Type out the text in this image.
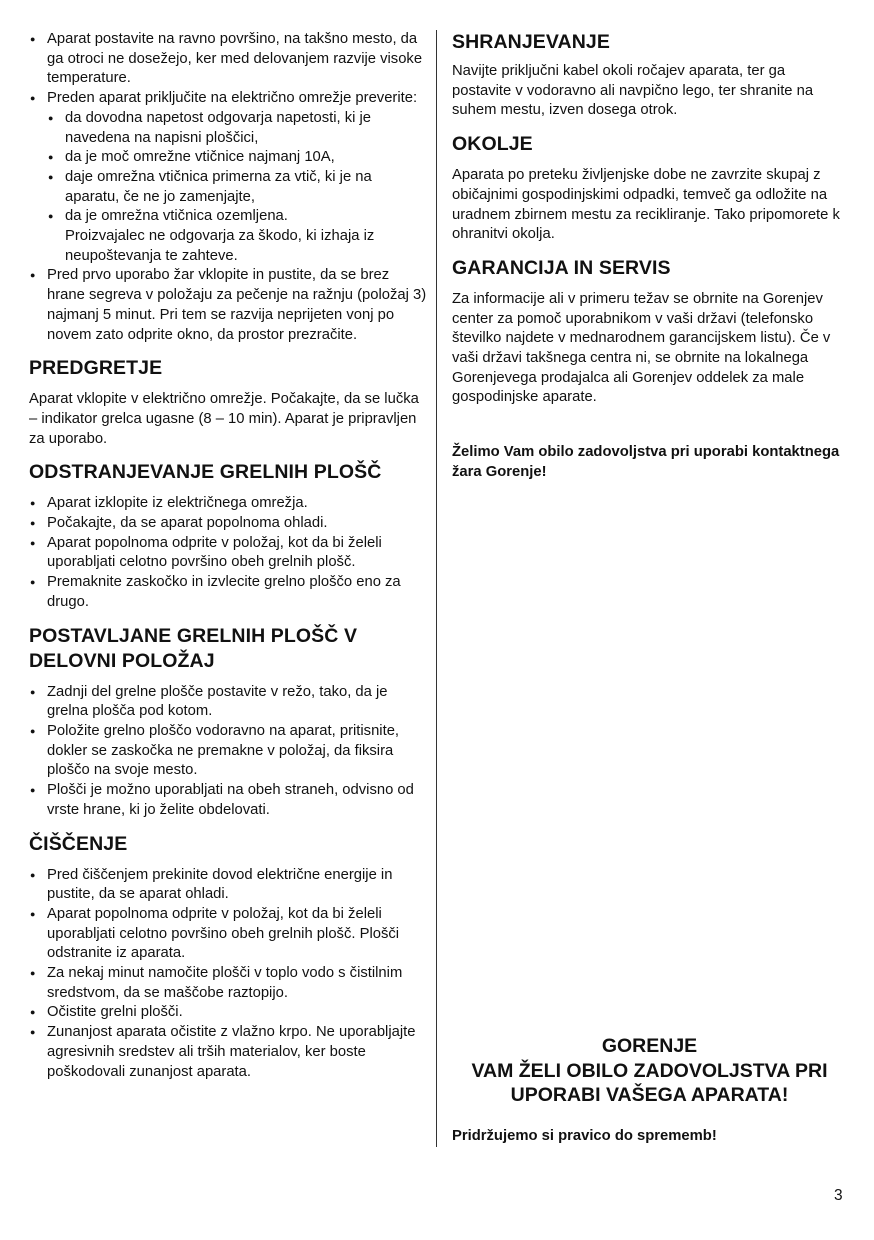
● Aparat postavite na ravno površino, na takšno mesto, da ga otroci ne dosežejo, ker med delovanjem razvije visoke temperature.
● Preden aparat priključite na električno omrežje preverite:
● da dovodna napetost odgovarja napetosti, ki je navedena na napisni ploščici,
● da je moč omrežne vtičnice najmanj 10A,
● daje omrežna vtičnica primerna za vtič, ki je na aparatu, če ne jo zamenjajte,
● da je omrežna vtičnica ozemljena.
Proizvajalec ne odgovarja za škodo, ki izhaja iz neupoštevanja te zahteve.
● Pred prvo uporabo žar vklopite in pustite, da se brez hrane segreva v položaju za pečenje na ražnju (položaj 3) najmanj 5 minut. Pri tem se razvija neprijeten vonj po novem zato odprite okno, da prostor prezračite.
PREDGRETJE

Aparat vklopite v električno omrežje. Počakajte, da se lučka – indikator grelca ugasne (8 – 10 min). Aparat je pripravljen za uporabo.

ODSTRANJEVANJE GRELNIH PLOŠČ
● Aparat izklopite iz električnega omrežja.
● Počakajte, da se aparat popolnoma ohladi.
● Aparat popolnoma odprite v položaj, kot da bi želeli uporabljati celotno površino obeh grelnih plošč.
● Premaknite zaskočko in izvlecite grelno ploščo eno za drugo.
POSTAVLJANE GRELNIH PLOŠČ V DELOVNI POLOŽAJ
● Zadnji del grelne plošče postavite v režo, tako, da je grelna plošča pod kotom.
● Položite grelno ploščo vodoravno na aparat, pritisnite, dokler se zaskočka ne premakne v položaj, da fiksira ploščo na svoje mesto.
● Plošči je možno uporabljati na obeh straneh, odvisno od vrste hrane, ki jo želite obdelovati.
ČIŠČENJE
● Pred čiščenjem prekinite dovod električne energije in pustite, da se aparat ohladi.
● Aparat popolnoma odprite v položaj, kot da bi želeli uporabljati celotno površino obeh grelnih plošč. Plošči odstranite iz aparata.
● Za nekaj minut namočite plošči v toplo vodo s čistilnim sredstvom, da se maščobe raztopijo.
● Očistite grelni plošči.
● Zunanjost aparata očistite z vlažno krpo. Ne uporabljajte agresivnih sredstev ali trših materialov, ker boste poškodovali zunanjost aparata.
SHRANJEVANJE

Navijte priključni kabel okoli ročajev aparata, ter ga postavite v vodoravno ali navpično lego, ter shranite na suhem mestu, izven dosega otrok.

OKOLJE

Aparata po preteku življenjske dobe ne zavrzite skupaj z običajnimi gospodinjskimi odpadki, temveč ga odložite na uradnem zbirnem mestu za recikliranje. Tako pripomorete k ohranitvi okolja.

GARANCIJA IN SERVIS

Za informacije ali v primeru težav se obrnite na Gorenjev center za pomoč uporabnikom v vaši državi (telefonsko številko najdete v mednarodnem garancijskem listu). Če v vaši državi takšnega centra ni, se obrnite na lokalnega Gorenjevega prodajalca ali Gorenjev oddelek za male gospodinjske aparate.

Želimo Vam obilo zadovoljstva pri uporabi kontaktnega žara Gorenje!

GORENJE
VAM ŽELI OBILO ZADOVOLJSTVA PRI
UPORABI VAŠEGA APARATA!
Pridržujemo si pravico do sprememb!
3
